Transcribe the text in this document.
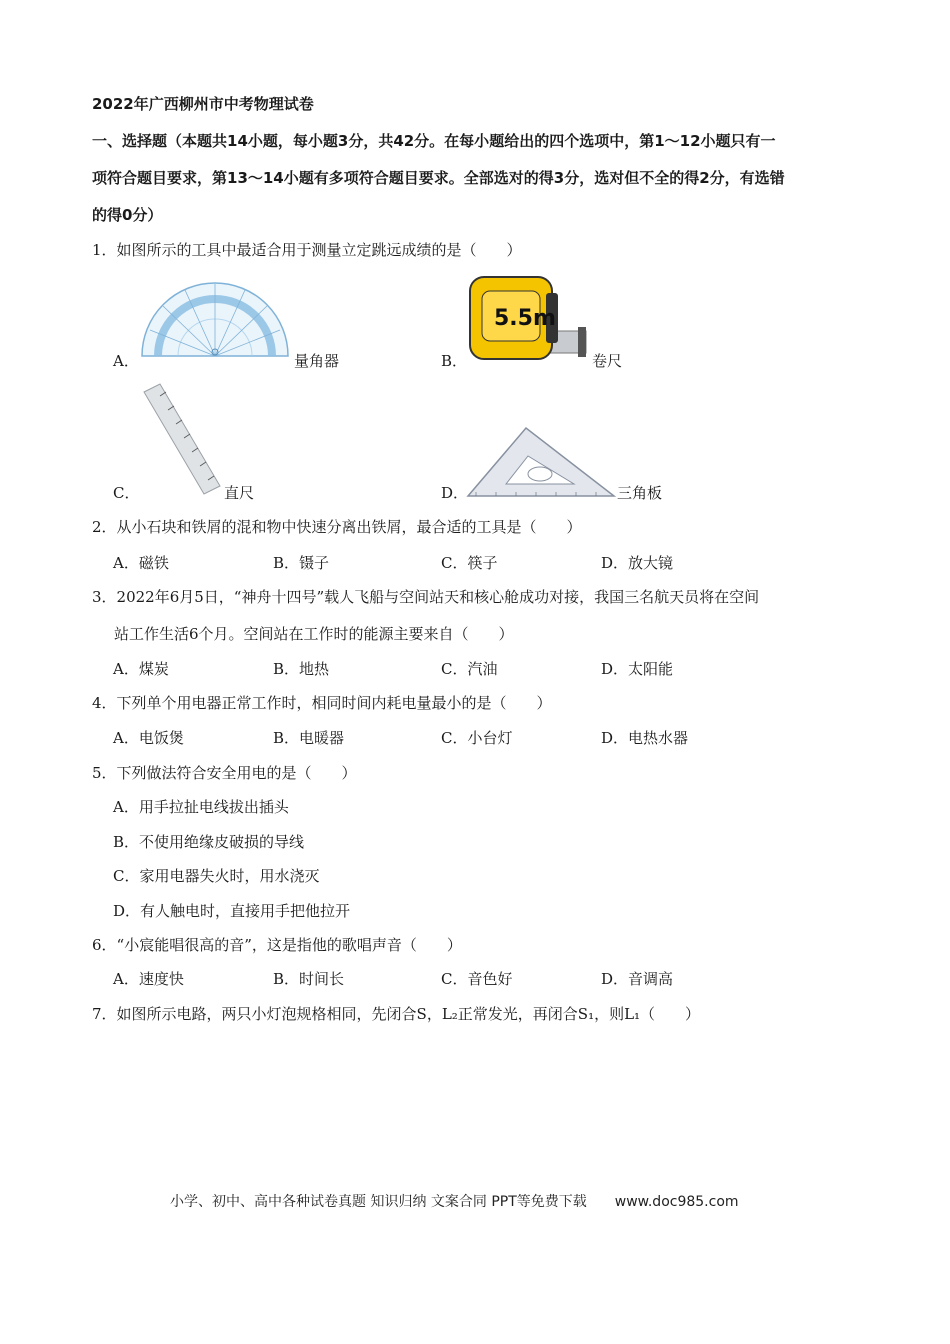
2022年广西柳州市中考物理试卷
一、选择题（本题共14小题，每小题3分，共42分。在每小题给出的四个选项中，第1～12小题只有一
项符合题目要求，第13～14小题有多项符合题目要求。全部选对的得3分，选对但不全的得2分，有选错
的得0分）
1．如图所示的工具中最适合用于测量立定跳远成绩的是（　　）
A．	量角器	B．
5.5m
卷尺
C．	直尺	D．	三角板
2．从小石块和铁屑的混和物中快速分离出铁屑，最合适的工具是（　　）
A．磁铁	B．镊子	C．筷子	D．放大镜
3．2022年6月5日，“神舟十四号”载人飞船与空间站天和核心舱成功对接，我国三名航天员将在空间
站工作生活6个月。空间站在工作时的能源主要来自（　　）
A．煤炭	B．地热	C．汽油	D．太阳能
4．下列单个用电器正常工作时，相同时间内耗电量最小的是（　　）
A．电饭煲	B．电暖器	C．小台灯	D．电热水器
5．下列做法符合安全用电的是（　　）
A．用手拉扯电线拔出插头
B．不使用绝缘皮破损的导线
C．家用电器失火时，用水浇灭
D．有人触电时，直接用手把他拉开
6．“小宸能唱很高的音”，这是指他的歌唱声音（　　）
A．速度快	B．时间长	C．音色好	D．音调高
7．如图所示电路，两只小灯泡规格相同，先闭合S，L₂正常发光，再闭合S₁，则L₁（　　）
小学、初中、高中各种试卷真题 知识归纳 文案合同 PPT等免费下载　　www.doc985.com
